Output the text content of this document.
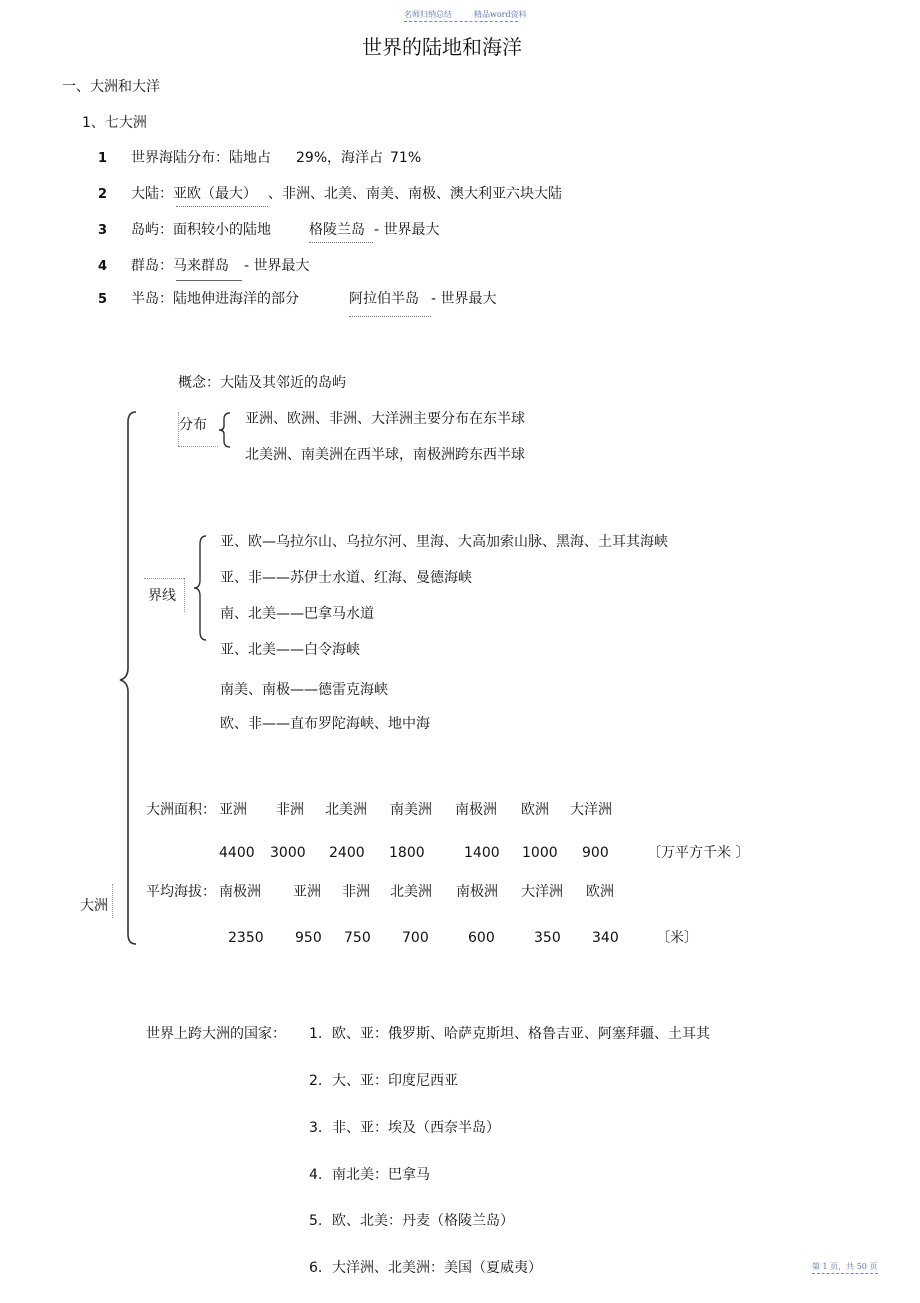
名师归纳总结	精品word资料
世界的陆地和海洋
一、大洲和大洋
1、七大洲
1 世界海陆分布：陆地占 29% ，海洋占 71%
2 大陆：亚欧（最大） 、非洲、北美、南美、南极、澳大利亚六块大陆
3 岛屿：面积较小的陆地	格陵兰岛 - 世界最大
4 群岛：马来群岛 - 世界最大
5 半岛：陆地伸进海洋的部分	阿拉伯半岛 - 世界最大
概念：大陆及其邻近的岛屿
分布	亚洲、欧洲、非洲、大洋洲主要分布在东半球
北美洲、南美洲在西半球，南极洲跨东西半球
界线
亚、欧—乌拉尔山、乌拉尔河、里海、大高加索山脉、黑海、土耳其海峡
亚、非——苏伊士水道、红海、曼德海峡
南、北美——巴拿马水道
亚、北美——白令海峡
南美、南极——德雷克海峡
欧、非——直布罗陀海峡、地中海
大洲面积： 亚洲 非洲 北美洲 南美洲 南极洲 欧洲 大洋洲
4400 3000 2400 1800	1400 1000 900	〔万平方千米 〕
平均海拔： 南极洲 亚洲 非洲 北美洲 南极洲 大洋洲 欧洲
2350 950 750 700	600	350 340	〔米〕
大洲
世界上跨大洲的国家： 1. 欧、亚：俄罗斯、哈萨克斯坦、格鲁吉亚、阿塞拜疆、土耳其
2. 大、亚：印度尼西亚
3. 非、亚：埃及（西奈半岛）
4. 南北美：巴拿马
5. 欧、北美：丹麦（格陵兰岛）
6. 大洋洲、北美洲：美国（夏威夷）	第 1 页，共 50 页
